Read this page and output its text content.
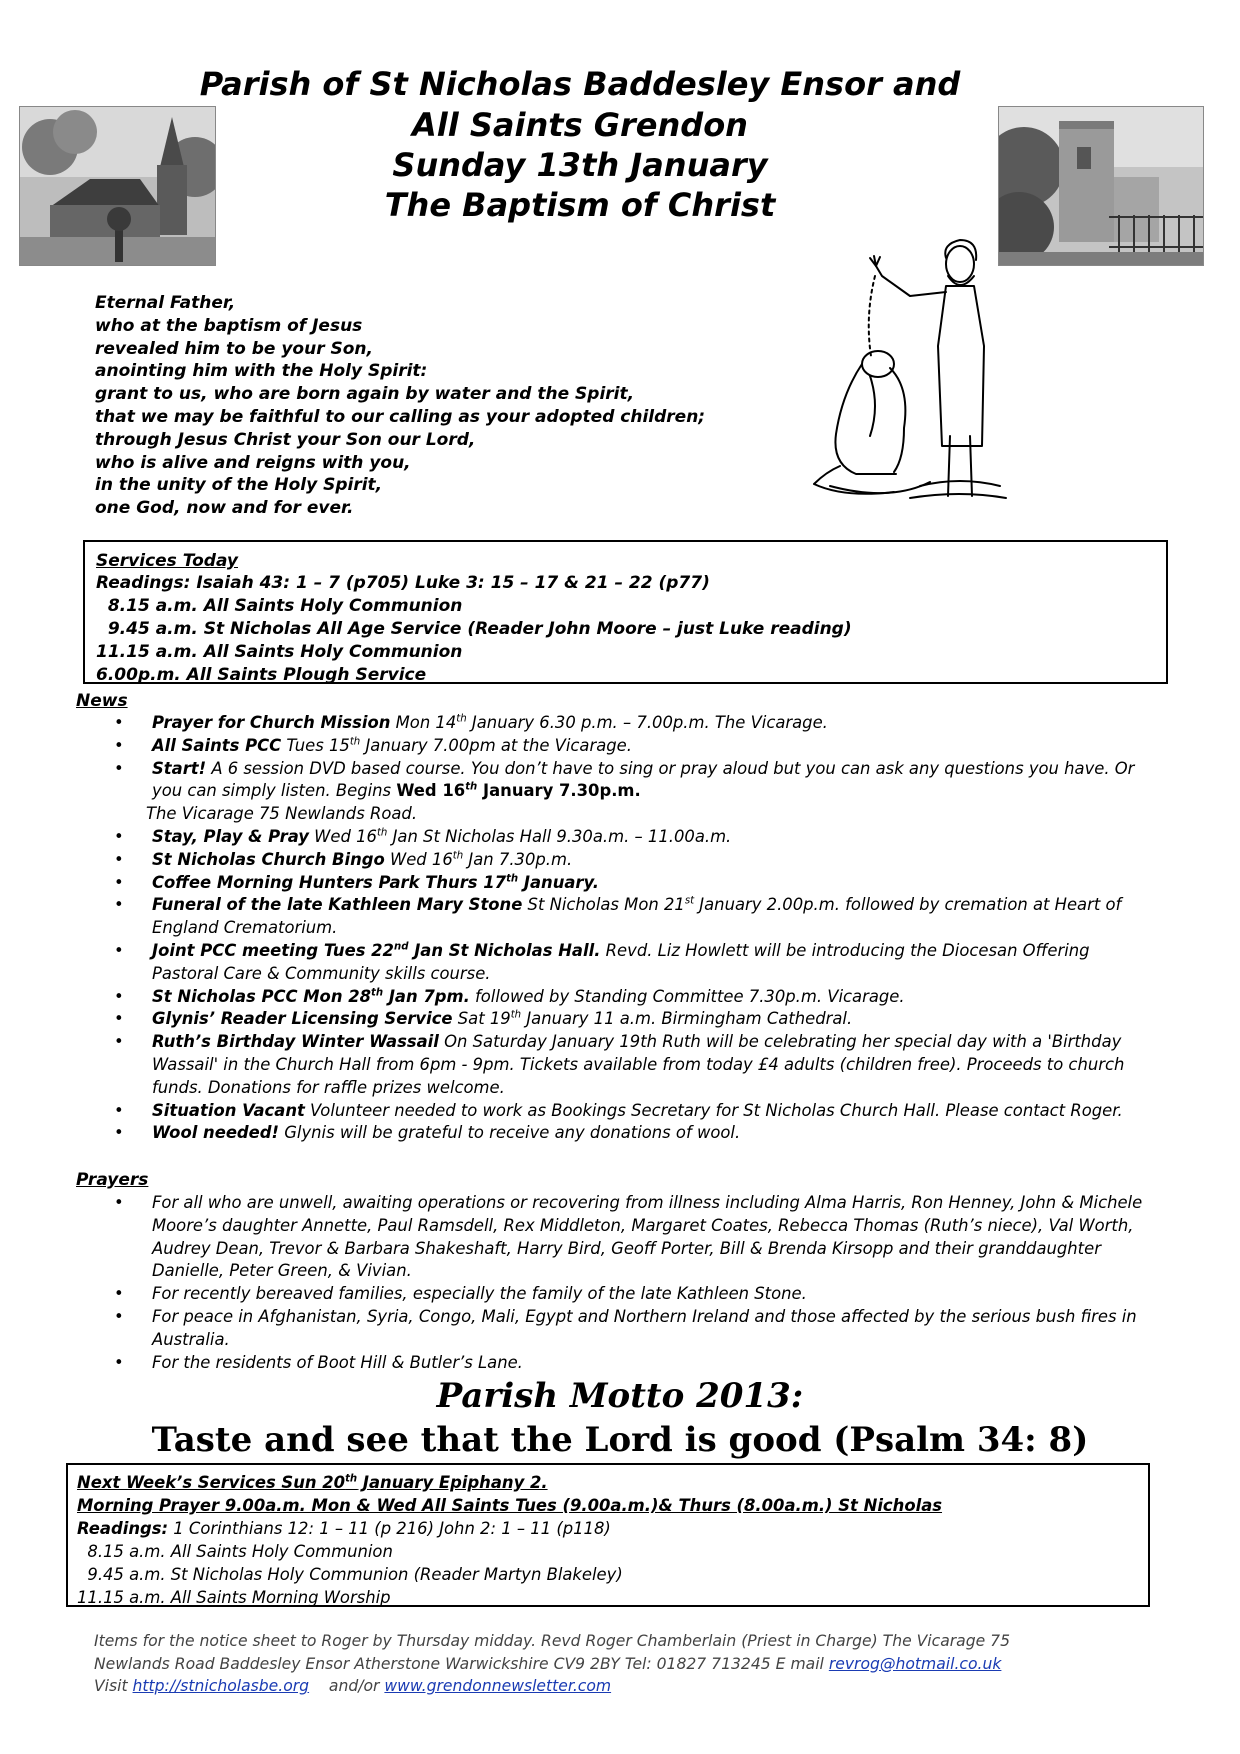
Parish of St Nicholas Baddesley Ensor and
All Saints Grendon
Sunday 13th January
The Baptism of Christ
Eternal Father,
who at the baptism of Jesus
revealed him to be your Son,
anointing him with the Holy Spirit:
grant to us, who are born again by water and the Spirit,
that we may be faithful to our calling as your adopted children;
through Jesus Christ your Son our Lord,
who is alive and reigns with you,
in the unity of the Holy Spirit,
one God, now and for ever.
Services Today
Readings: Isaiah 43: 1 – 7 (p705) Luke 3: 15 – 17 & 21 – 22 (p77)
8.15 a.m. All Saints Holy Communion
9.45 a.m. St Nicholas All Age Service (Reader John Moore – just Luke reading)
11.15 a.m. All Saints Holy Communion
6.00p.m. All Saints Plough Service
News
• Prayer for Church Mission Mon 14th January 6.30 p.m. – 7.00p.m. The Vicarage.
• All Saints PCC Tues 15th January 7.00pm at the Vicarage.
• Start! A 6 session DVD based course. You don’t have to sing or pray aloud but you can ask any questions you have. Or you can simply listen. Begins Wed 16th January 7.30p.m.
The Vicarage 75 Newlands Road.
• Stay, Play & Pray Wed 16th Jan St Nicholas Hall 9.30a.m. – 11.00a.m.
• St Nicholas Church Bingo Wed 16th Jan 7.30p.m.
• Coffee Morning Hunters Park Thurs 17th January.
• Funeral of the late Kathleen Mary Stone St Nicholas Mon 21st January 2.00p.m. followed by cremation at Heart of England Crematorium.
• Joint PCC meeting Tues 22nd Jan St Nicholas Hall. Revd. Liz Howlett will be introducing the Diocesan Offering Pastoral Care & Community skills course.
• St Nicholas PCC Mon 28th Jan 7pm. followed by Standing Committee 7.30p.m. Vicarage.
• Glynis’ Reader Licensing Service Sat 19th January 11 a.m. Birmingham Cathedral.
• Ruth’s Birthday Winter Wassail On Saturday January 19th Ruth will be celebrating her special day with a 'Birthday Wassail' in the Church Hall from 6pm - 9pm. Tickets available from today £4 adults (children free). Proceeds to church funds. Donations for raffle prizes welcome.
• Situation Vacant Volunteer needed to work as Bookings Secretary for St Nicholas Church Hall. Please contact Roger.
• Wool needed! Glynis will be grateful to receive any donations of wool.
Prayers
• For all who are unwell, awaiting operations or recovering from illness including Alma Harris, Ron Henney, John & Michele Moore’s daughter Annette, Paul Ramsdell, Rex Middleton, Margaret Coates, Rebecca Thomas (Ruth’s niece), Val Worth, Audrey Dean, Trevor & Barbara Shakeshaft, Harry Bird, Geoff Porter, Bill & Brenda Kirsopp and their granddaughter Danielle, Peter Green, & Vivian.
• For recently bereaved families, especially the family of the late Kathleen Stone.
• For peace in Afghanistan, Syria, Congo, Mali, Egypt and Northern Ireland and those affected by the serious bush fires in Australia.
• For the residents of Boot Hill & Butler’s Lane.
Parish Motto 2013:
Taste and see that the Lord is good (Psalm 34: 8)
Next Week’s Services Sun 20th January Epiphany 2.
Morning Prayer 9.00a.m. Mon & Wed All Saints Tues (9.00a.m.)& Thurs (8.00a.m.) St Nicholas
Readings: 1 Corinthians 12: 1 – 11 (p 216) John 2: 1 – 11 (p118)
8.15 a.m. All Saints Holy Communion
9.45 a.m. St Nicholas Holy Communion (Reader Martyn Blakeley)
11.15 a.m. All Saints Morning Worship
Items for the notice sheet to Roger by Thursday midday. Revd Roger Chamberlain (Priest in Charge) The Vicarage 75
Newlands Road Baddesley Ensor Atherstone Warwickshire CV9 2BY Tel: 01827 713245 E mail revrog@hotmail.co.uk
Visit http://stnicholasbe.org    and/or www.grendonnewsletter.com
